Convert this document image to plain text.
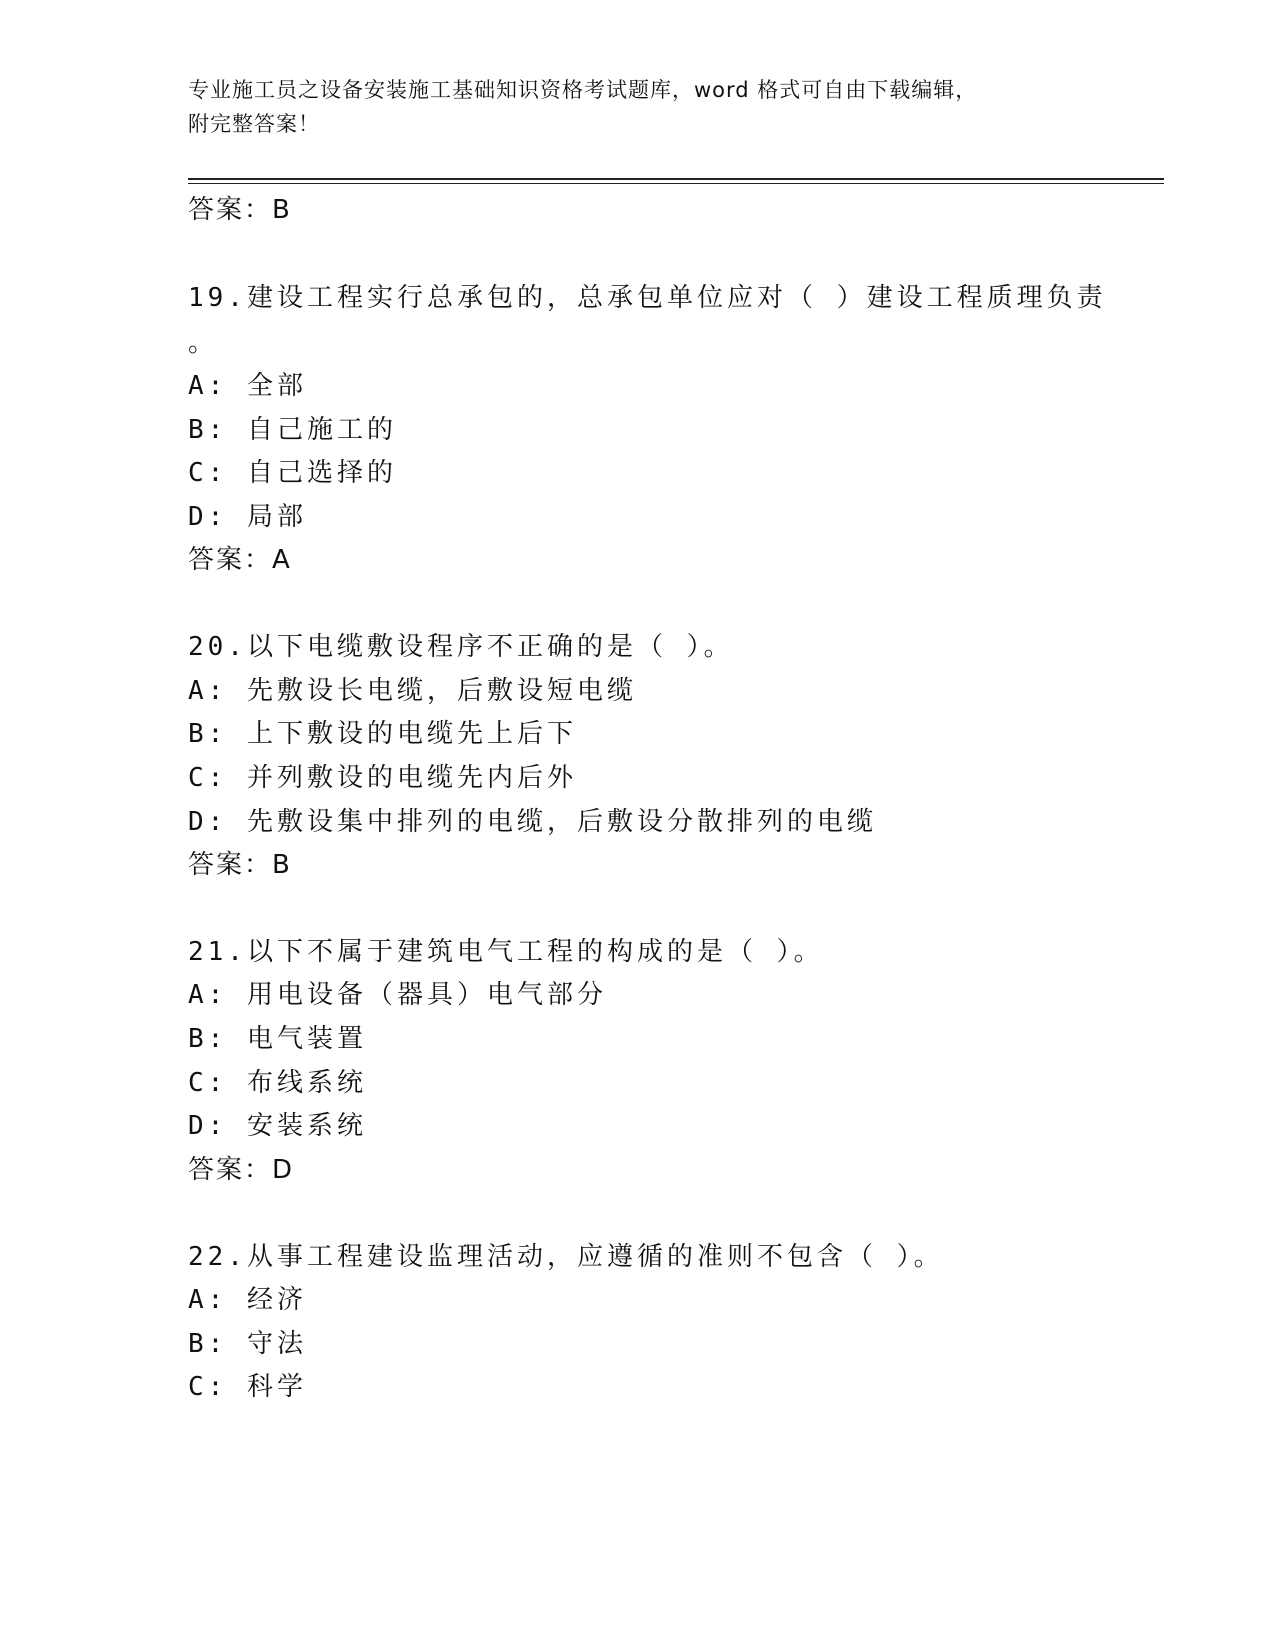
专业施工员之设备安装施工基础知识资格考试题库，word 格式可自由下载编辑，
附完整答案！
答案：B
19.建设工程实行总承包的，总承包单位应对（ ）建设工程质理负责
。
A: 全部
B: 自己施工的
C: 自己选择的
D: 局部
答案：A
20.以下电缆敷设程序不正确的是（ ）。
A: 先敷设长电缆，后敷设短电缆
B: 上下敷设的电缆先上后下
C: 并列敷设的电缆先内后外
D: 先敷设集中排列的电缆，后敷设分散排列的电缆
答案：B
21.以下不属于建筑电气工程的构成的是（ ）。
A: 用电设备（器具）电气部分
B: 电气装置
C: 布线系统
D: 安装系统
答案：D
22.从事工程建设监理活动，应遵循的准则不包含（ ）。
A: 经济
B: 守法
C: 科学
